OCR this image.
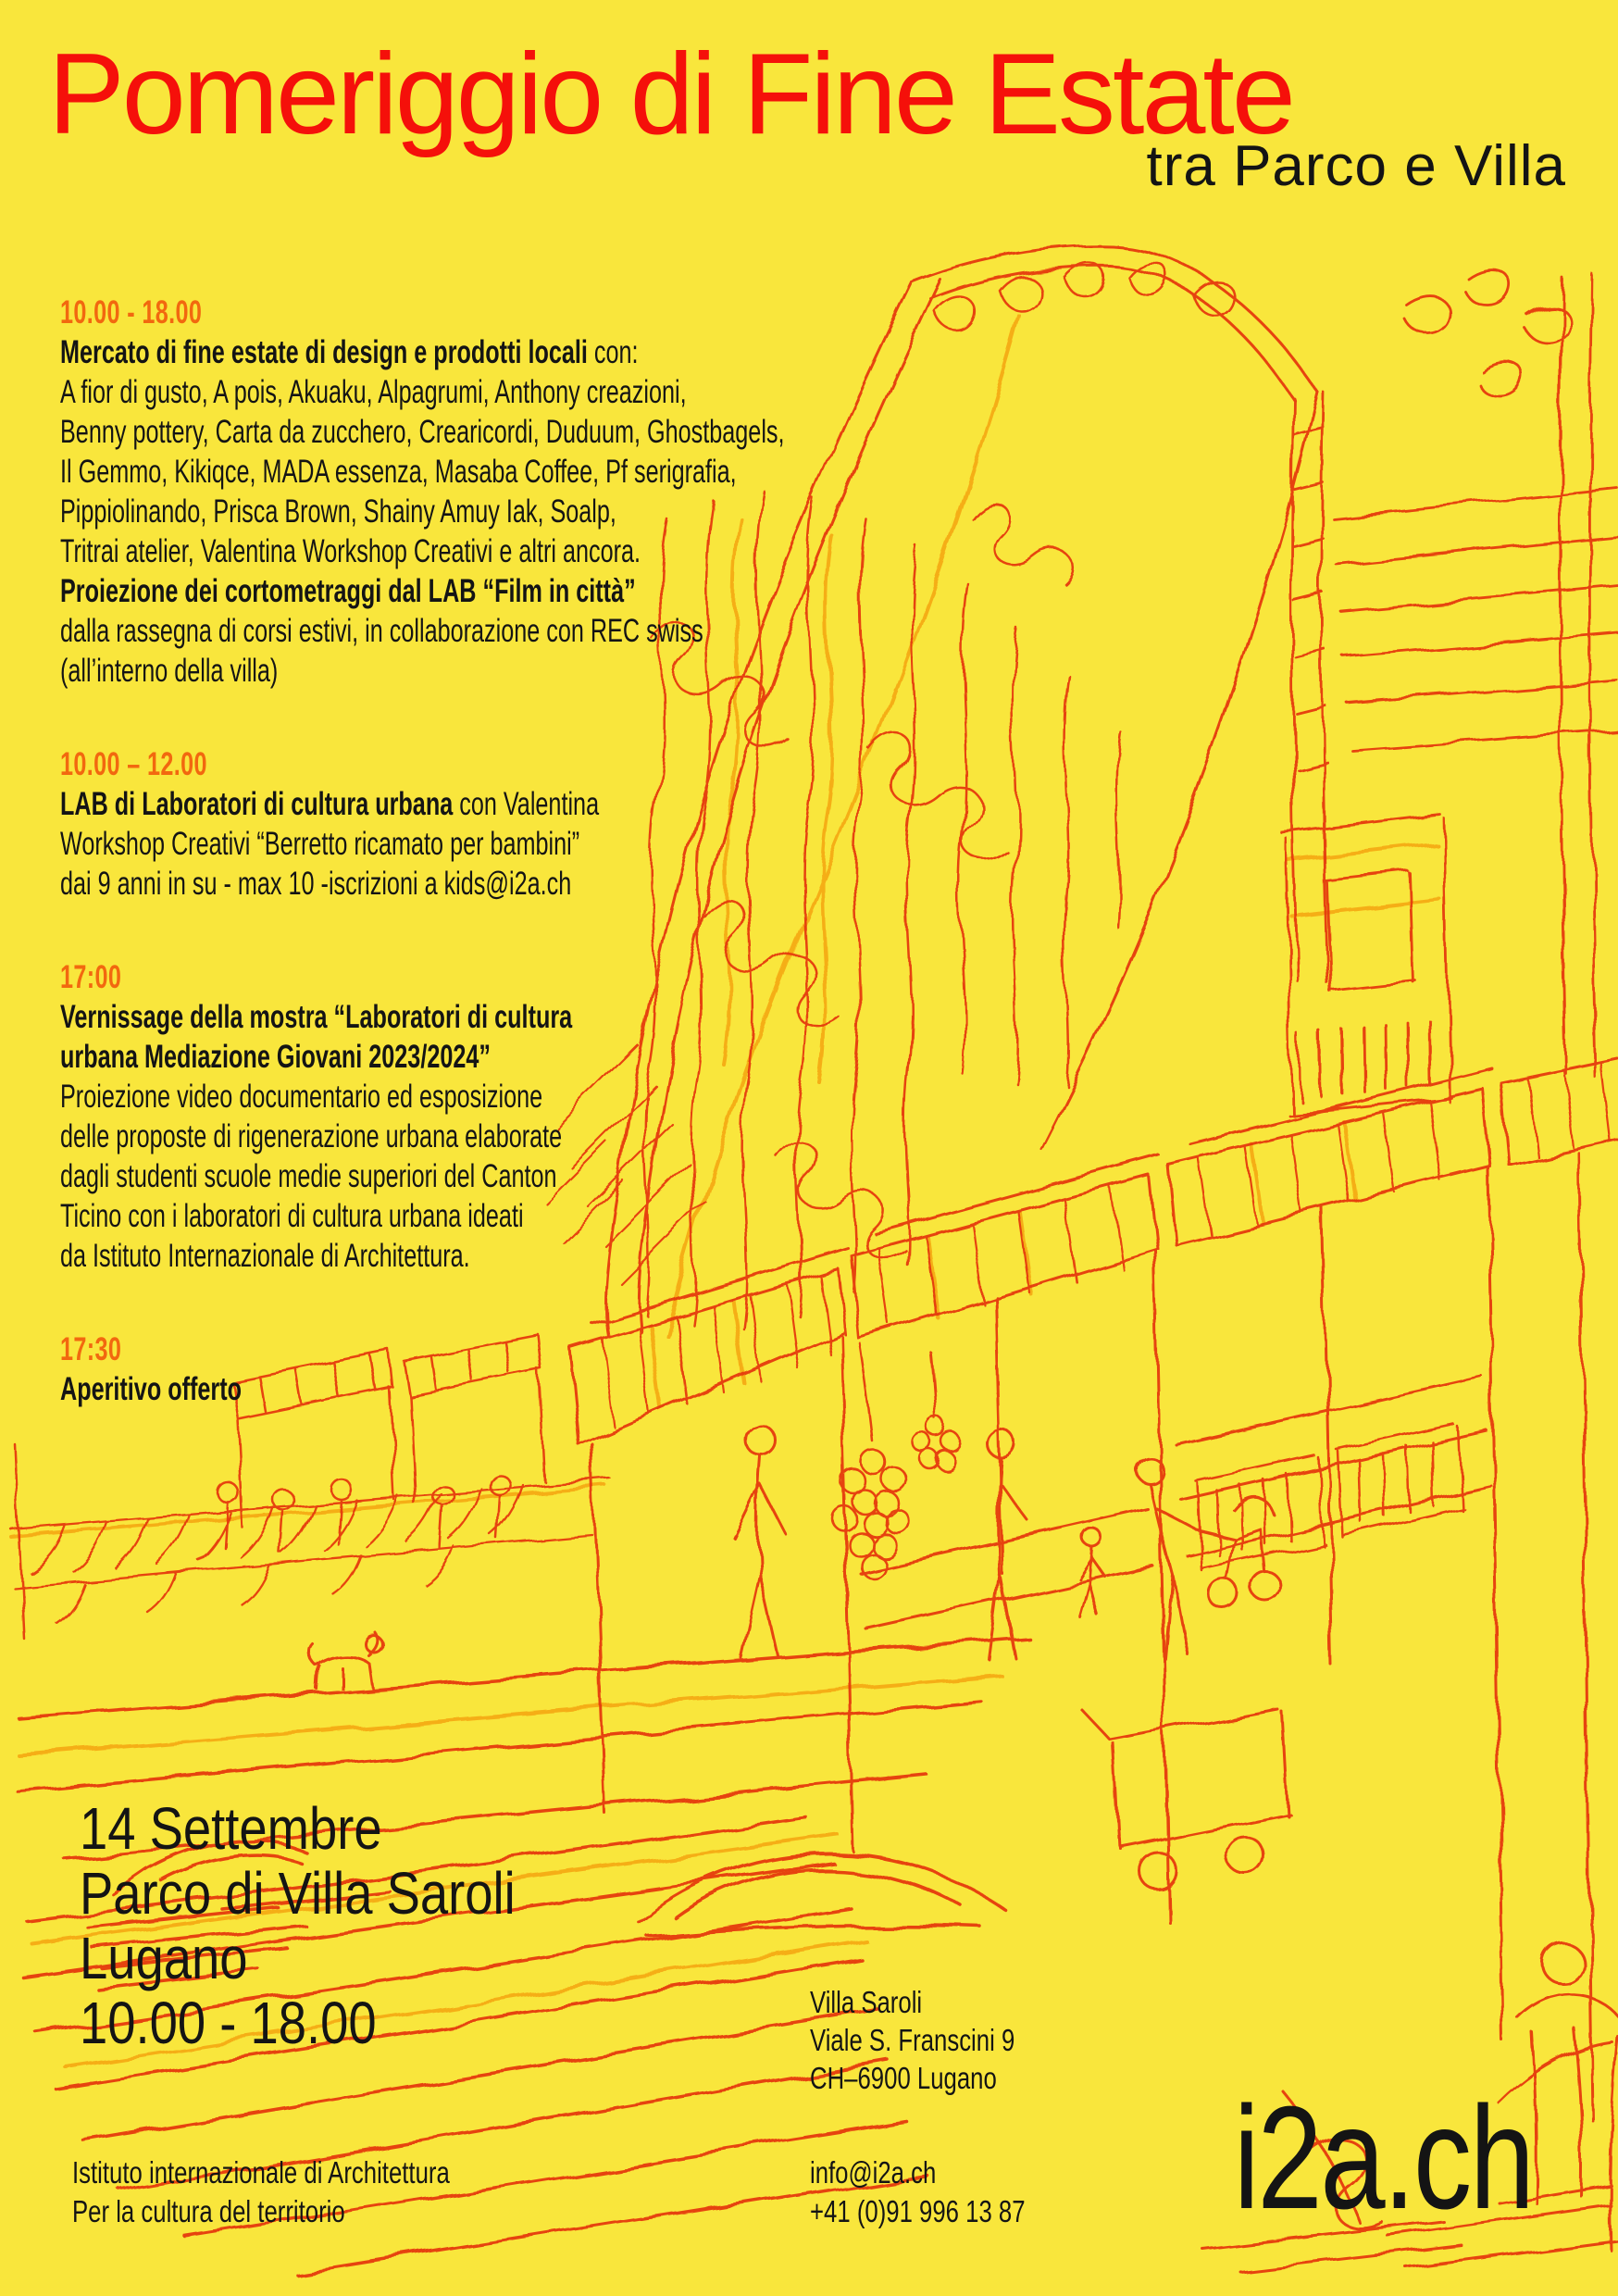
Pomeriggio di Fine Estate
tra Parco e Villa
10.00 - 18.00
Mercato di fine estate di design e prodotti locali con:
A fior di gusto, A pois, Akuaku, Alpagrumi, Anthony creazioni,
Benny pottery, Carta da zucchero, Crearicordi, Duduum, Ghostbagels,
Il Gemmo, Kikiqce, MADA essenza, Masaba Coffee, Pf serigrafia,
Pippiolinando, Prisca Brown, Shainy Amuy Iak, Soalp,
Tritrai atelier, Valentina Workshop Creativi e altri ancora.
Proiezione dei cortometraggi dal LAB “Film in città”
dalla rassegna di corsi estivi, in collaborazione con REC swiss
(all’interno della villa)
10.00 – 12.00
LAB di Laboratori di cultura urbana con Valentina
Workshop Creativi “Berretto ricamato per bambini”
dai 9 anni in su - max 10 -iscrizioni a kids@i2a.ch
17:00
Vernissage della mostra “Laboratori di cultura
urbana Mediazione Giovani 2023/2024”
Proiezione video documentario ed esposizione
delle proposte di rigenerazione urbana elaborate
dagli studenti scuole medie superiori del Canton
Ticino con i laboratori di cultura urbana ideati
da Istituto Internazionale di Architettura.
17:30
Aperitivo offerto
14 Settembre
Parco di Villa Saroli
Lugano
10.00 - 18.00	Villa Saroli
Viale S. Franscini 9
CH–6900 Lugano
Istituto internazionale di Architettura
Per la cultura del territorio
info@i2a.ch
+41 (0)91 996 13 87 i2a.ch
